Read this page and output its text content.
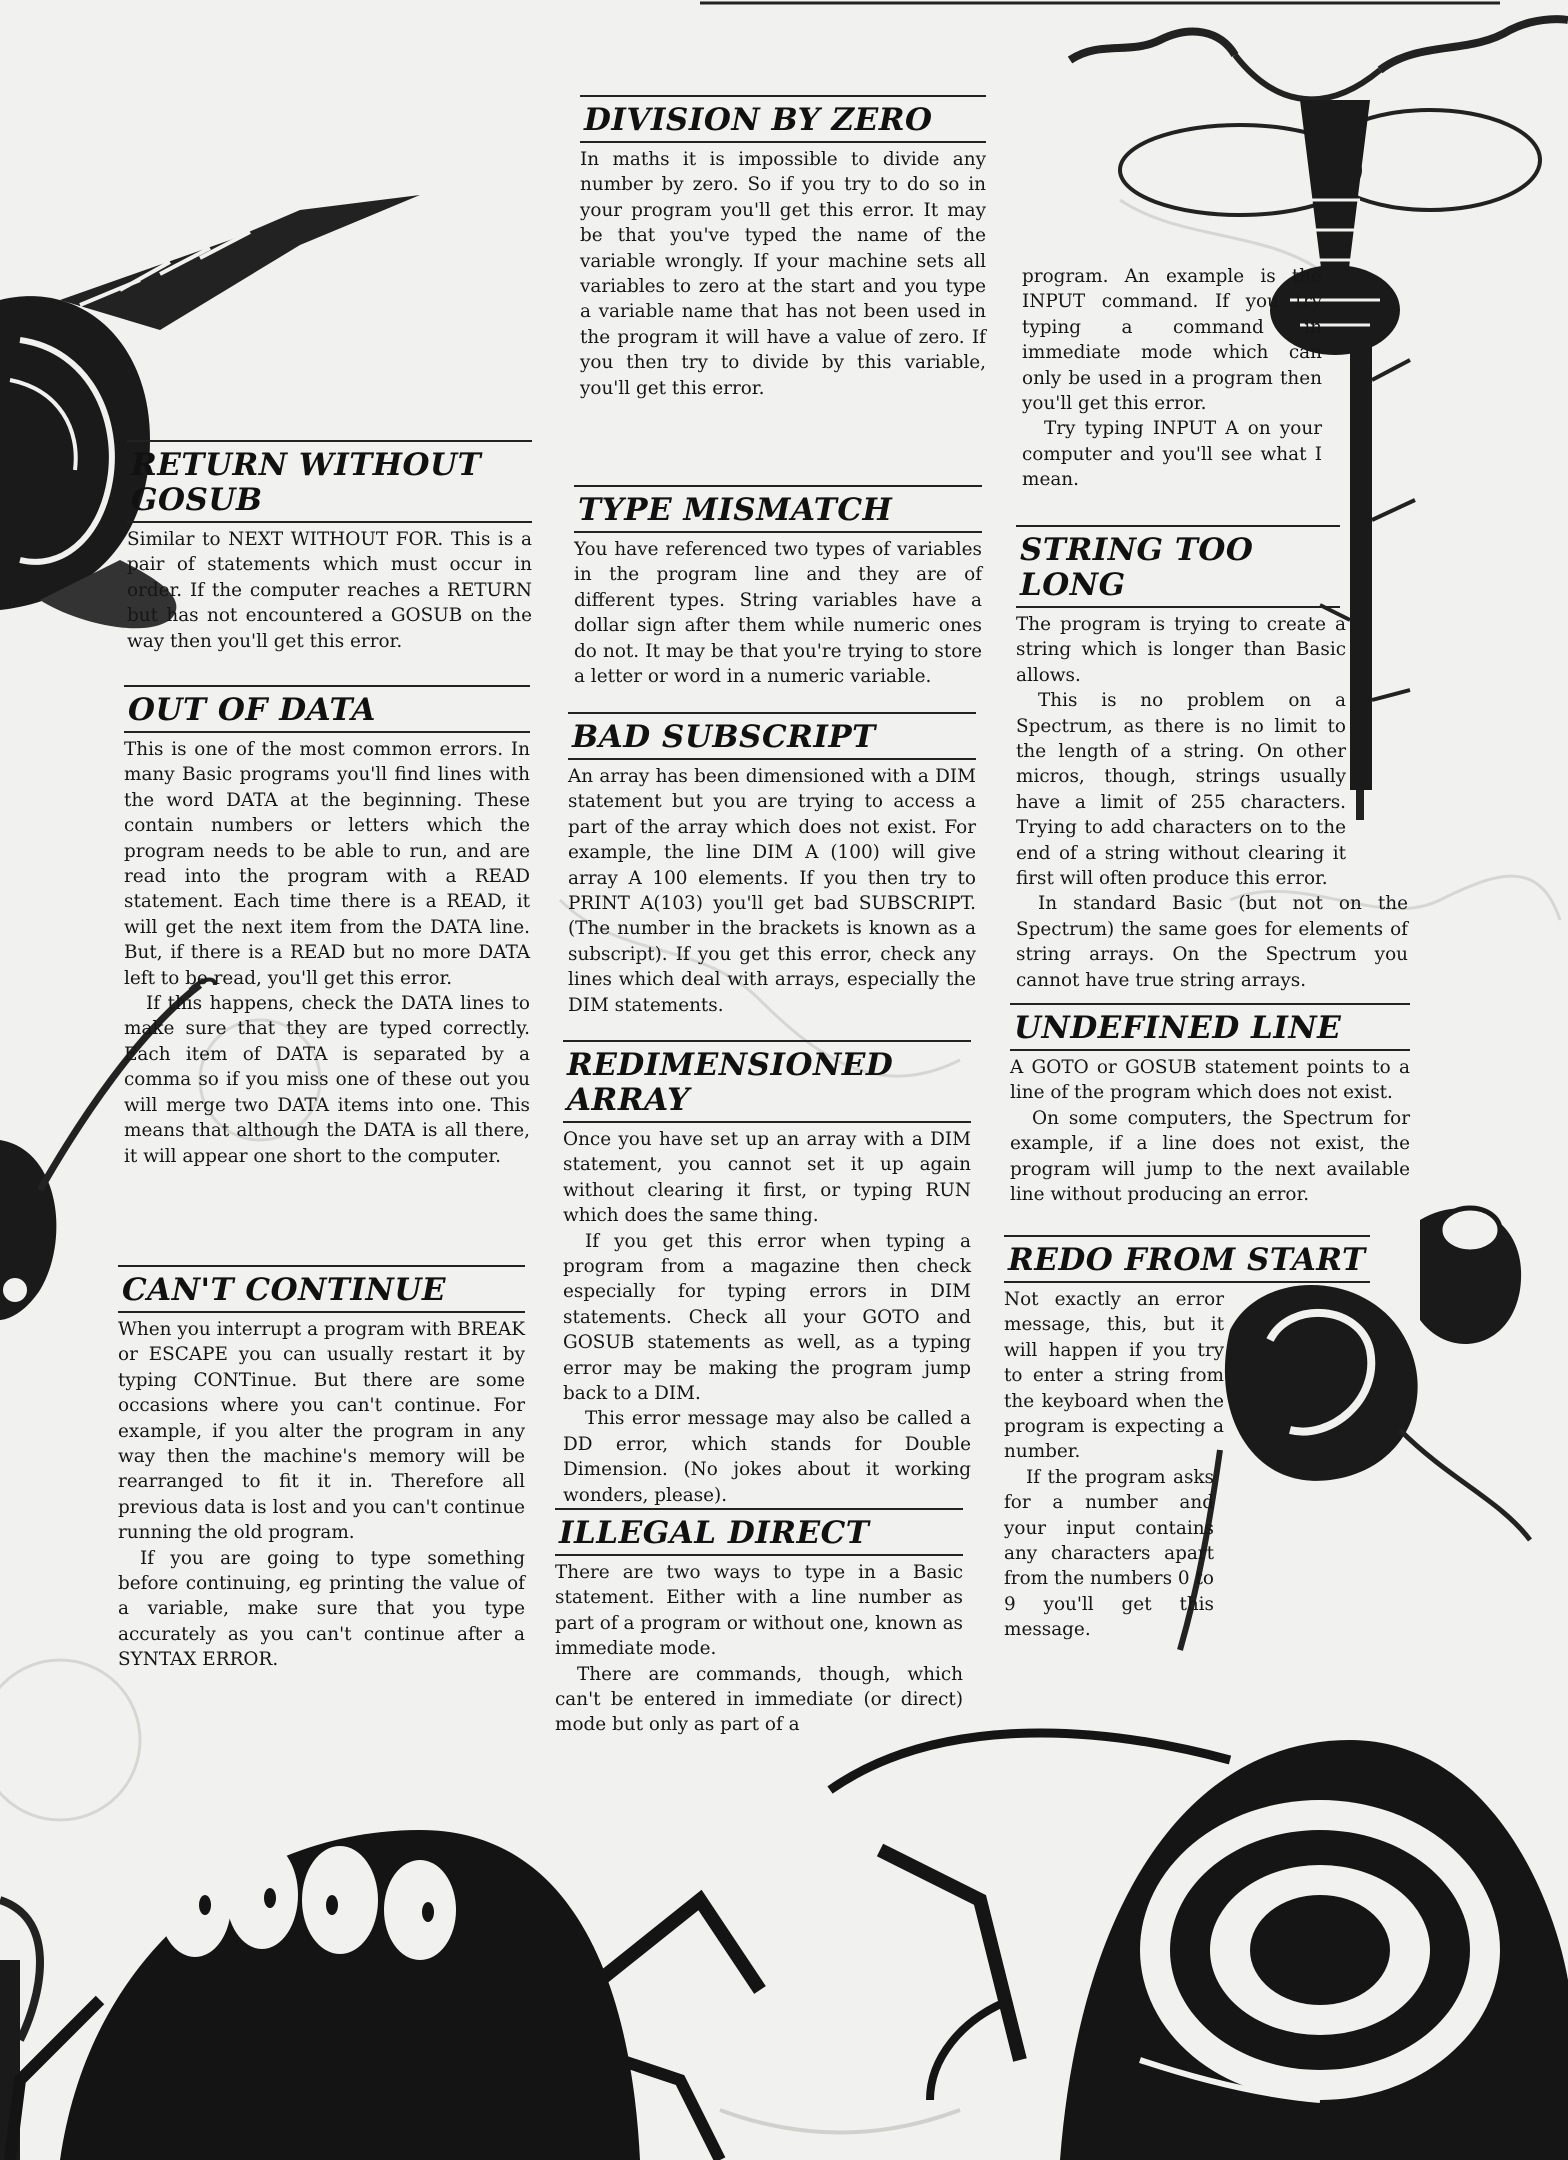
DIVISION BY ZERO

In maths it is impossible to divide any number by zero. So if you try to do so in your program you'll get this error. It may be that you've typed the name of the variable wrongly. If your machine sets all variables to zero at the start and you type a variable name that has not been used in the program it will have a value of zero. If you then try to divide by this variable, you'll get this error.

RETURN WITHOUT GOSUB

Similar to NEXT WITHOUT FOR. This is a pair of statements which must occur in order. If the computer reaches a RETURN but has not encountered a GOSUB on the way then you'll get this error.

OUT OF DATA

This is one of the most common errors. In many Basic programs you'll find lines with the word DATA at the beginning. These contain numbers or letters which the program needs to be able to run, and are read into the program with a READ statement. Each time there is a READ, it will get the next item from the DATA line. But, if there is a READ but no more DATA left to be read, you'll get this error.

If this happens, check the DATA lines to make sure that they are typed correctly. Each item of DATA is separated by a comma so if you miss one of these out you will merge two DATA items into one. This means that although the DATA is all there, it will appear one short to the computer.

CAN'T CONTINUE

When you interrupt a program with BREAK or ESCAPE you can usually restart it by typing CONTinue. But there are some occasions where you can't continue. For example, if you alter the program in any way then the machine's memory will be rearranged to fit it in. Therefore all previous data is lost and you can't continue running the old program.

If you are going to type something before continuing, eg printing the value of a variable, make sure that you type accurately as you can't continue after a SYNTAX ERROR.

TYPE MISMATCH

You have referenced two types of variables in the program line and they are of different types. String variables have a dollar sign after them while numeric ones do not. It may be that you're trying to store a letter or word in a numeric variable.

BAD SUBSCRIPT

An array has been dimensioned with a DIM statement but you are trying to access a part of the array which does not exist. For example, the line DIM A (100) will give array A 100 elements. If you then try to PRINT A(103) you'll get bad SUBSCRIPT. (The number in the brackets is known as a subscript). If you get this error, check any lines which deal with arrays, especially the DIM statements.

REDIMENSIONED ARRAY

Once you have set up an array with a DIM statement, you cannot set it up again without clearing it first, or typing RUN which does the same thing.

If you get this error when typing a program from a magazine then check especially for typing errors in DIM statements. Check all your GOTO and GOSUB statements as well, as a typing error may be making the program jump back to a DIM.

This error message may also be called a DD error, which stands for Double Dimension. (No jokes about it working wonders, please).

ILLEGAL DIRECT

There are two ways to type in a Basic statement. Either with a line number as part of a program or without one, known as immediate mode.

There are commands, though, which can't be entered in immediate (or direct) mode but only as part of a

program. An example is the INPUT command. If you try typing a command in immediate mode which can only be used in a program then you'll get this error.

Try typing INPUT A on your computer and you'll see what I mean.

STRING TOO LONG

The program is trying to create a string which is longer than Basic allows.

This is no problem on a Spectrum, as there is no limit to the length of a string. On other micros, though, strings usually have a limit of 255 characters. Trying to add characters on to the end of a string without clearing it first will often produce this error.

In standard Basic (but not on the Spectrum) the same goes for elements of string arrays. On the Spectrum you cannot have true string arrays.

UNDEFINED LINE

A GOTO or GOSUB statement points to a line of the program which does not exist.

On some computers, the Spectrum for example, if a line does not exist, the program will jump to the next available line without producing an error.

REDO FROM START

Not exactly an error message, this, but it will happen if you try to enter a string from the keyboard when the program is expecting a number.

If the program asks for a number and your input contains any characters apart from the numbers 0 to 9 you'll get this message.
